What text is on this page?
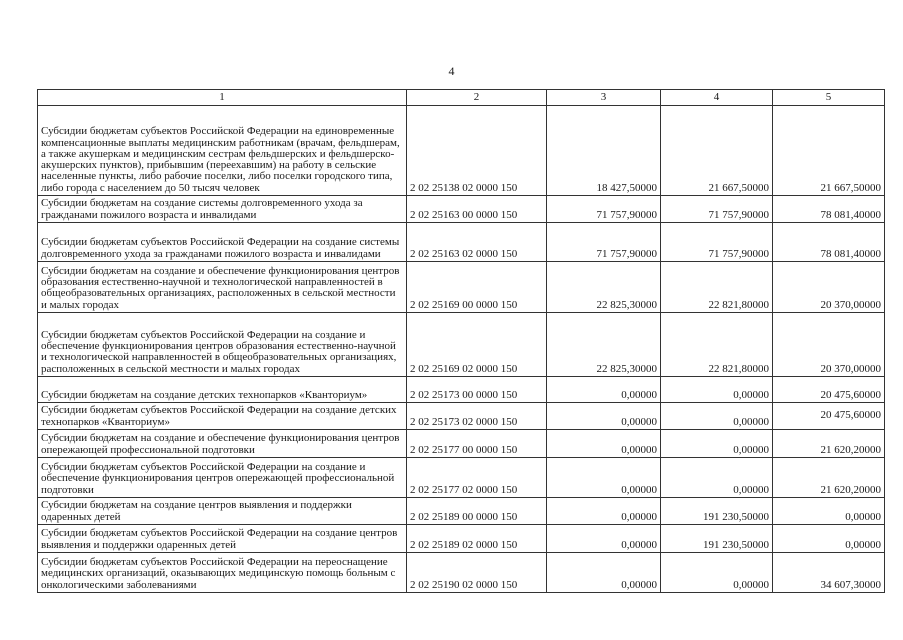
4
1	2	3	4	5
Субсидии бюджетам субъектов Российской Федерации на единовременные компенсационные выплаты медицинским работникам (врачам, фельдшерам, а также акушеркам и медицинским сестрам фельдшерских и фельдшерско-акушерских пунктов), прибывшим (переехавшим) на работу в сельские населенные пункты, либо рабочие поселки, либо поселки городского типа, либо города с населением до 50 тысяч человек	2 02 25138 02 0000 150	18 427,50000	21 667,50000	21 667,50000
Субсидии бюджетам на создание системы долговременного ухода за гражданами пожилого возраста и инвалидами	2 02 25163 00 0000 150	71 757,90000	71 757,90000	78 081,40000
Субсидии бюджетам субъектов Российской Федерации на создание системы долговременного ухода за гражданами пожилого возраста и инвалидами	2 02 25163 02 0000 150	71 757,90000	71 757,90000	78 081,40000
Субсидии бюджетам на создание и обеспечение функционирования центров образования естественно-научной и технологической направленностей в общеобразовательных организациях, расположенных в сельской местности и малых городах	2 02 25169 00 0000 150	22 825,30000	22 821,80000	20 370,00000
Субсидии бюджетам субъектов Российской Федерации на создание и обеспечение функционирования центров образования естественно-научной и технологической направленностей в общеобразовательных организациях, расположенных в сельской местности и малых городах	2 02 25169 02 0000 150	22 825,30000	22 821,80000	20 370,00000
Субсидии бюджетам на создание детских технопарков «Кванториум»	2 02 25173 00 0000 150	0,00000	0,00000	20 475,60000
Субсидии бюджетам субъектов Российской Федерации на создание детских технопарков «Кванториум»	2 02 25173 02 0000 150	0,00000	0,00000	20 475,60000
Субсидии бюджетам на создание и обеспечение функционирования центров опережающей профессиональной подготовки	2 02 25177 00 0000 150	0,00000	0,00000	21 620,20000
Субсидии бюджетам субъектов Российской Федерации на создание и обеспечение функционирования центров опережающей профессиональной подготовки	2 02 25177 02 0000 150	0,00000	0,00000	21 620,20000
Субсидии бюджетам на создание центров выявления и поддержки одаренных детей	2 02 25189 00 0000 150	0,00000	191 230,50000	0,00000
Субсидии бюджетам субъектов Российской Федерации на создание центров выявления и поддержки одаренных детей	2 02 25189 02 0000 150	0,00000	191 230,50000	0,00000
Субсидии бюджетам субъектов Российской Федерации на переоснащение медицинских организаций, оказывающих медицинскую помощь больным с онкологическими заболеваниями	2 02 25190 02 0000 150	0,00000	0,00000	34 607,30000
